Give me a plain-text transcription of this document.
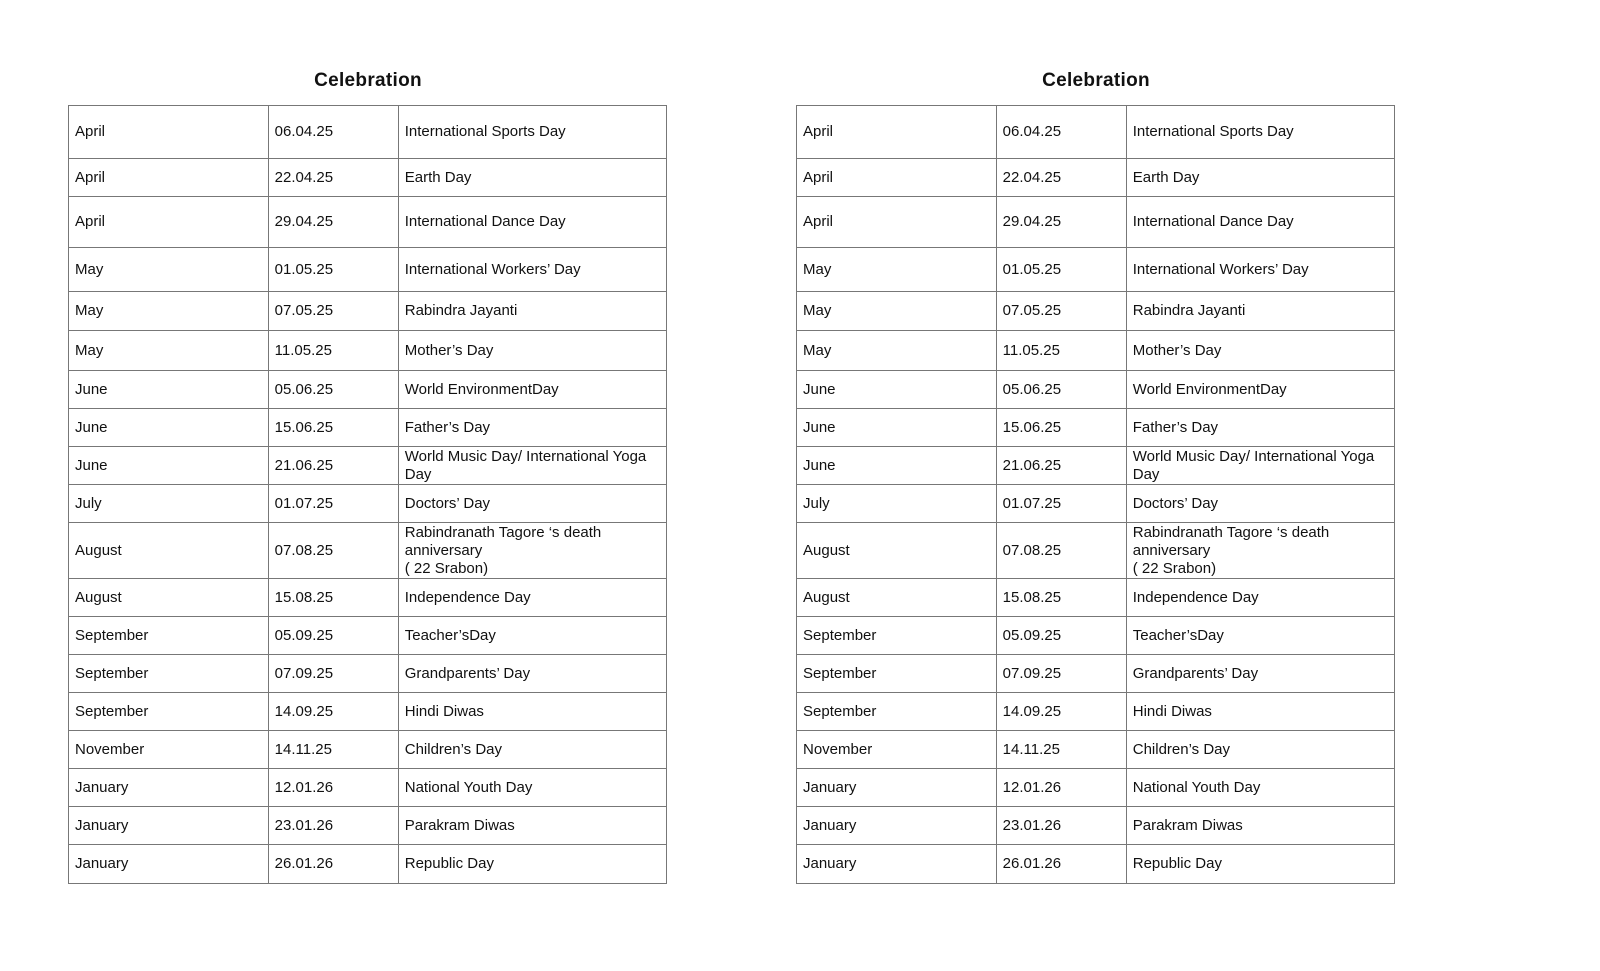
Celebration
April	06.04.25	International Sports Day
April	22.04.25	Earth Day
April	29.04.25	International Dance Day
May	01.05.25	International Workers’ Day
May	07.05.25	Rabindra Jayanti
May	11.05.25	Mother’s Day
June	05.06.25	World EnvironmentDay
June	15.06.25	Father’s Day
June	21.06.25	World Music Day/ International Yoga Day
July	01.07.25	Doctors’ Day
August	07.08.25	Rabindranath Tagore ‘s death anniversary
( 22 Srabon)
August	15.08.25	Independence Day
September	05.09.25	Teacher’sDay
September	07.09.25	Grandparents’ Day
September	14.09.25	Hindi Diwas
November	14.11.25	Children’s Day
January	12.01.26	National Youth Day
January	23.01.26	Parakram Diwas
January	26.01.26	Republic Day
Celebration
April	06.04.25	International Sports Day
April	22.04.25	Earth Day
April	29.04.25	International Dance Day
May	01.05.25	International Workers’ Day
May	07.05.25	Rabindra Jayanti
May	11.05.25	Mother’s Day
June	05.06.25	World EnvironmentDay
June	15.06.25	Father’s Day
June	21.06.25	World Music Day/ International Yoga Day
July	01.07.25	Doctors’ Day
August	07.08.25	Rabindranath Tagore ‘s death anniversary
( 22 Srabon)
August	15.08.25	Independence Day
September	05.09.25	Teacher’sDay
September	07.09.25	Grandparents’ Day
September	14.09.25	Hindi Diwas
November	14.11.25	Children’s Day
January	12.01.26	National Youth Day
January	23.01.26	Parakram Diwas
January	26.01.26	Republic Day
